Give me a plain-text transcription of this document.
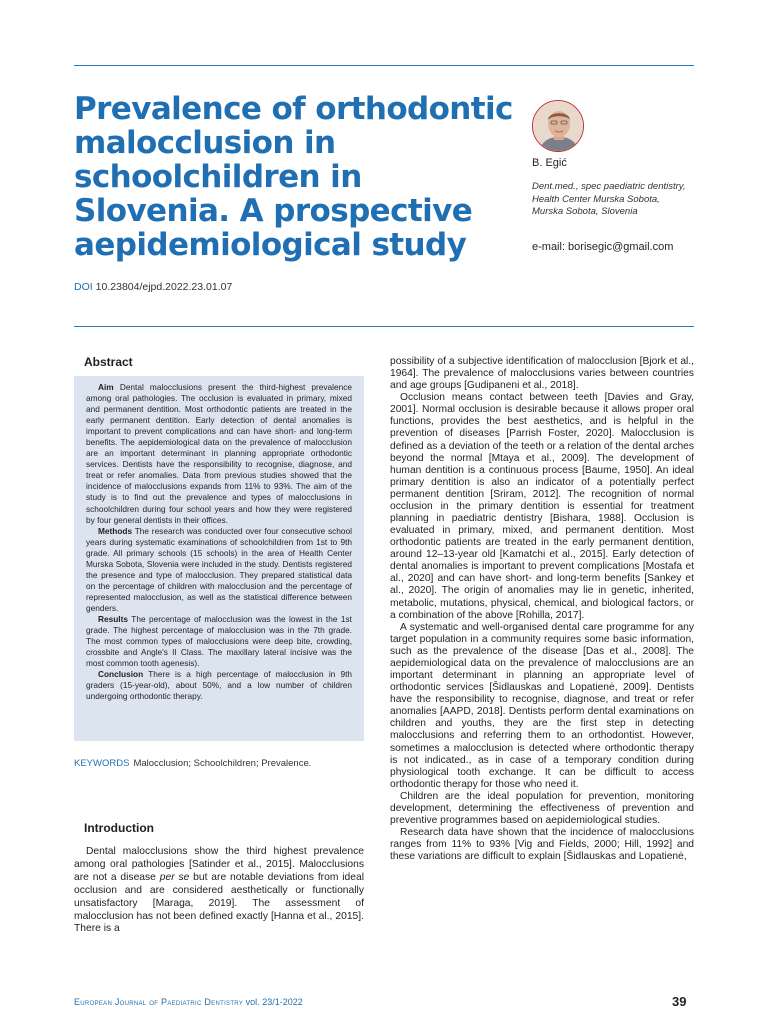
Prevalence of orthodontic malocclusion in schoolchildren in Slovenia. A prospective aepidemiological study
DOI 10.23804/ejpd.2022.23.01.07
B. Egić
Dent.med., spec paediatric dentistry,
Health Center Murska Sobota,
Murska Sobota, Slovenia
e-mail: borisegic@gmail.com
Abstract

Aim Dental malocclusions present the third-highest prevalence among oral pathologies. The occlusion is evaluated in primary, mixed and permanent dentition. Most orthodontic patients are treated in the early permanent dentition. Early detection of dental anomalies is important to prevent complications and can have short- and long-term benefits. The aepidemiological data on the prevalence of malocclusion are an important determinant in planning appropriate orthodontic services. Dentists have the responsibility to recognise, diagnose, and treat or refer anomalies. Data from previous studies showed that the incidence of malocclusions expands from 11% to 93%. The aim of the study is to find out the prevalence and types of malocclusions in schoolchildren during four school years and how they were registered by four general dentists in their offices.

Methods The research was conducted over four consecutive school years during systematic examinations of schoolchildren from 1st to 9th grade. All primary schools (15 schools) in the area of Health Center Murska Sobota, Slovenia were included in the study. Dentists registered the presence and type of malocclusion. They prepared statistical data on the percentage of children with malocclusion and the percentage of represented malocclusion, as well as the statistical difference between genders.

Results The percentage of malocclusion was the lowest in the 1st grade. The highest percentage of malocclusion was in the 7th grade. The most common types of malocclusions were deep bite, crowding, crossbite and Angle's II Class. The maxillary lateral incisive was the most common tooth agenesis).

Conclusion There is a high percentage of malocclusion in 9th graders (15-year-old), about 50%, and a low number of children undergoing orthodontic therapy.

KEYWORDS Malocclusion; Schoolchildren; Prevalence.
Introduction

Dental malocclusions show the third highest prevalence among oral pathologies [Satinder et al., 2015]. Malocclusions are not a disease per se but are notable deviations from ideal occlusion and are considered aesthetically or functionally unsatisfactory [Maraga, 2019]. The assessment of malocclusion has not been defined exactly [Hanna et al., 2015]. There is a

possibility of a subjective identification of malocclusion [Bjork et al., 1964]. The prevalence of malocclusions varies between countries and age groups [Gudipaneni et al., 2018].

Occlusion means contact between teeth [Davies and Gray, 2001]. Normal occlusion is desirable because it allows proper oral functions, provides the best aesthetics, and is helpful in the prevention of diseases [Parrish Foster, 2020]. Malocclusion is defined as a deviation of the teeth or a relation of the dental arches beyond the normal [Mtaya et al., 2009]. The development of human dentition is a continuous process [Baume, 1950]. An ideal primary dentition is also an indicator of a potentially perfect permanent dentition [Sriram, 2012]. The recognition of normal occlusion in the primary dentition is essential for treatment planning in paediatric dentistry [Bishara, 1988]. Occlusion is evaluated in primary, mixed, and permanent dentition. Most orthodontic patients are treated in the early permanent dentition, around 12–13-year old [Kamatchi et al., 2015]. Early detection of dental anomalies is important to prevent complications [Mostafa et al., 2020] and can have short- and long-term benefits [Sankey et al., 2020]. The origin of anomalies may lie in genetic, inherited, metabolic, mutations, physical, chemical, and biological factors, or a combination of the above [Rohilla, 2017].

A systematic and well-organised dental care programme for any target population in a community requires some basic information, such as the prevalence of the disease [Das et al., 2008]. The aepidemiological data on the prevalence of malocclusions are an important determinant in planning an appropriate level of orthodontic services [Šidlauskas and Lopatienė, 2009]. Dentists have the responsibility to recognise, diagnose, and treat or refer anomalies [AAPD, 2018]. Dentists perform dental examinations on children and youths, they are the first step in detecting malocclusions and referring them to an orthodontist. However, sometimes a malocclusion is detected where orthodontic therapy is not indicated., as in case of a temporary condition during physiological tooth exchange. It can be difficult to access orthodontic therapy for those who need it.

Children are the ideal population for prevention, monitoring development, determining the effectiveness of prevention and preventive programmes based on aepidemiological studies.

Research data have shown that the incidence of malocclusions ranges from 11% to 93% [Vig and Fields, 2000; Hill, 1992] and these variations are difficult to explain [Šidlauskas and Lopatienė,

European Journal of Paediatric Dentistry vol. 23/1-2022	39
